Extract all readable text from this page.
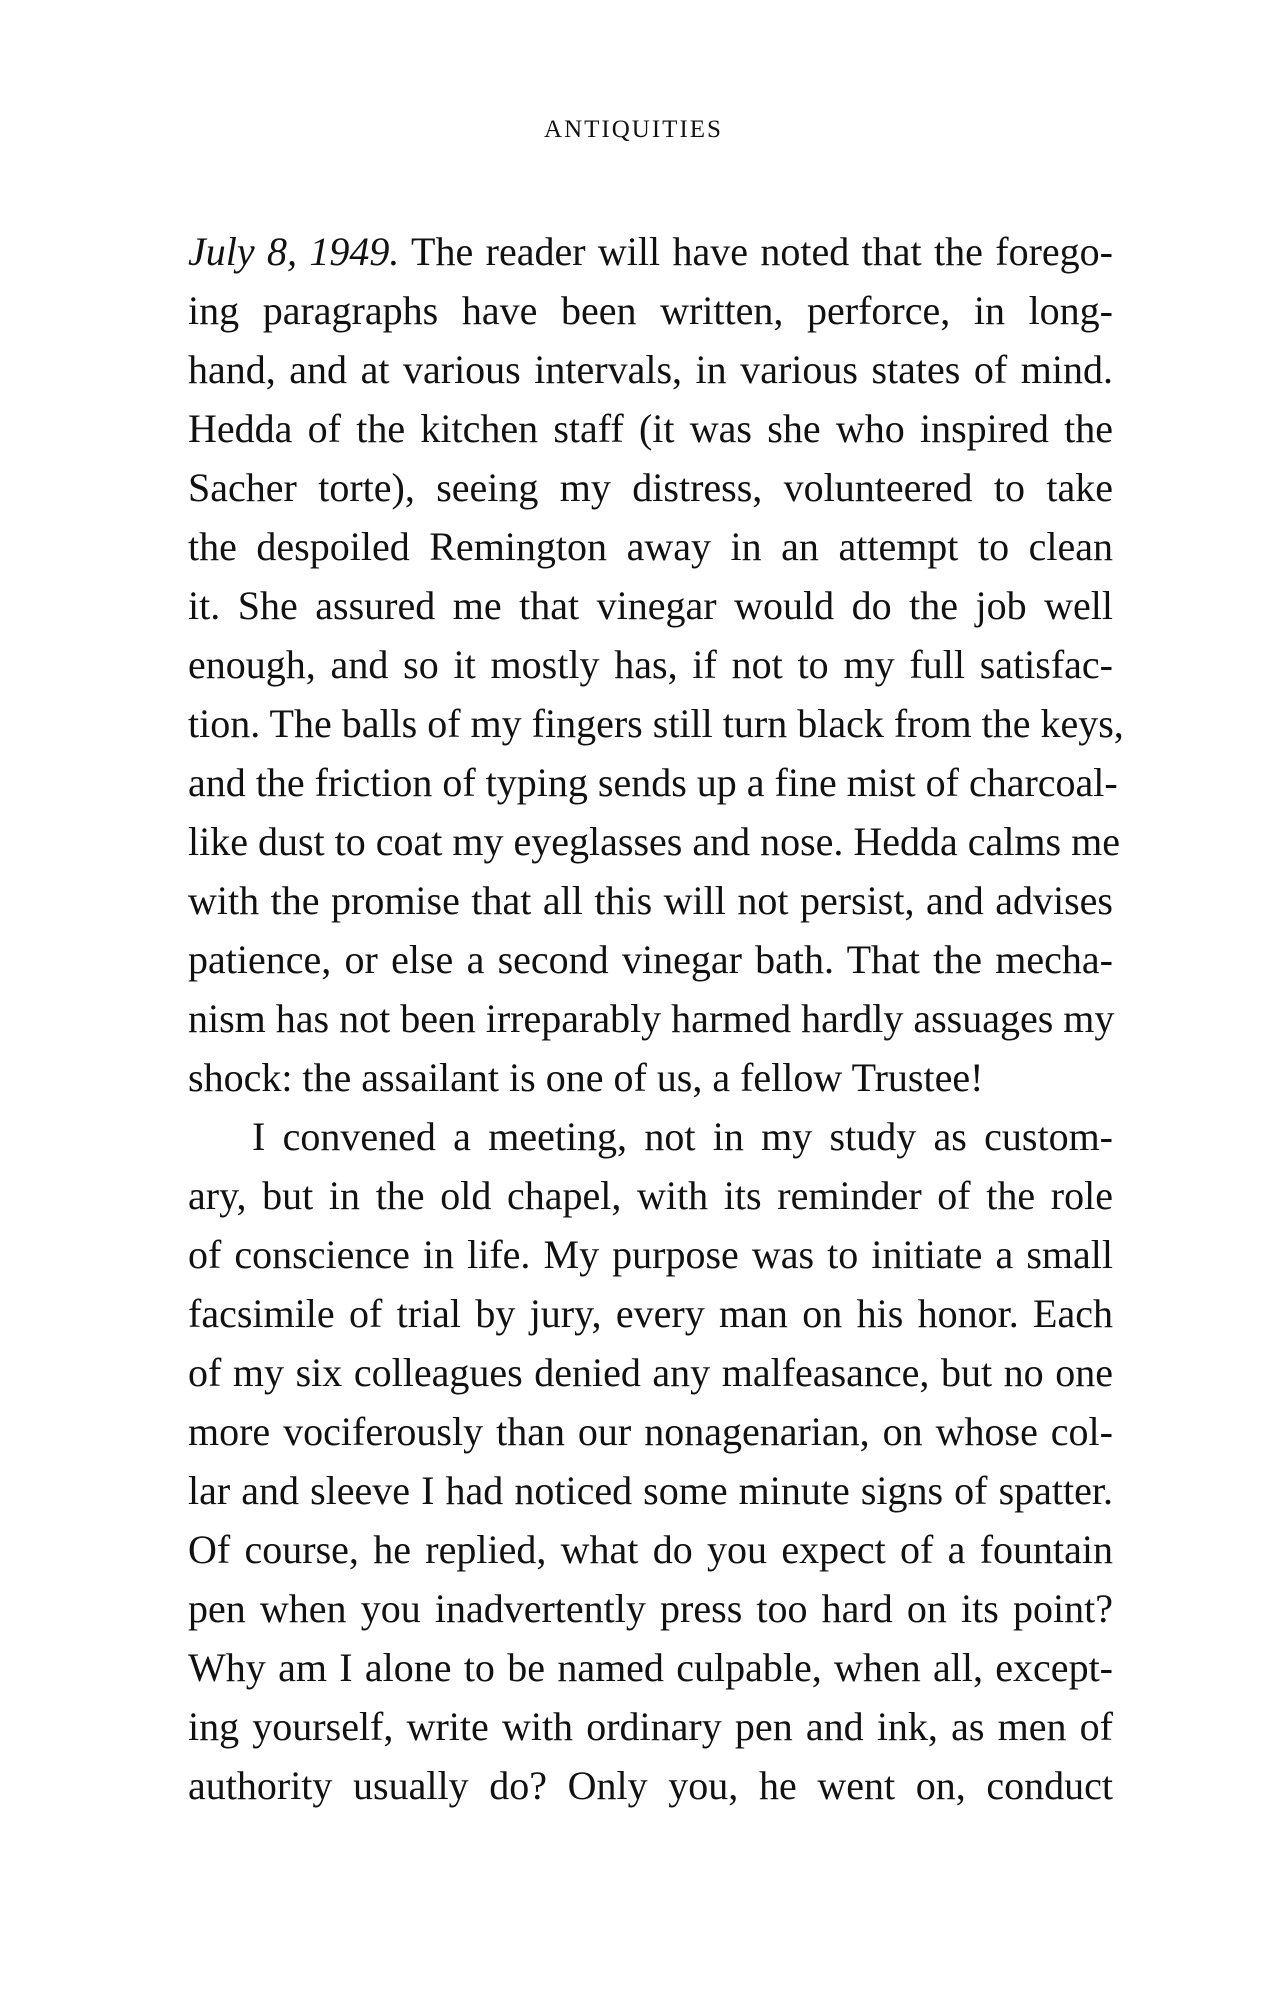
ANTIQUITIES
July 8, 1949. The reader will have noted that the forego-
ing paragraphs have been written, perforce, in long-
hand, and at various intervals, in various states of mind.
Hedda of the kitchen staff (it was she who inspired the
Sacher torte), seeing my distress, volunteered to take
the despoiled Remington away in an attempt to clean
it. She assured me that vinegar would do the job well
enough, and so it mostly has, if not to my full satisfac-
tion. The balls of my fingers still turn black from the keys,
and the friction of typing sends up a fine mist of charcoal-
like dust to coat my eyeglasses and nose. Hedda calms me
with the promise that all this will not persist, and advises
patience, or else a second vinegar bath. That the mecha-
nism has not been irreparably harmed hardly assuages my
shock: the assailant is one of us, a fellow Trustee!
I convened a meeting, not in my study as custom-
ary, but in the old chapel, with its reminder of the role
of conscience in life. My purpose was to initiate a small
facsimile of trial by jury, every man on his honor. Each
of my six colleagues denied any malfeasance, but no one
more vociferously than our nonagenarian, on whose col-
lar and sleeve I had noticed some minute signs of spatter.
Of course, he replied, what do you expect of a fountain
pen when you inadvertently press too hard on its point?
Why am I alone to be named culpable, when all, except-
ing yourself, write with ordinary pen and ink, as men of
authority usually do? Only you, he went on, conduct
